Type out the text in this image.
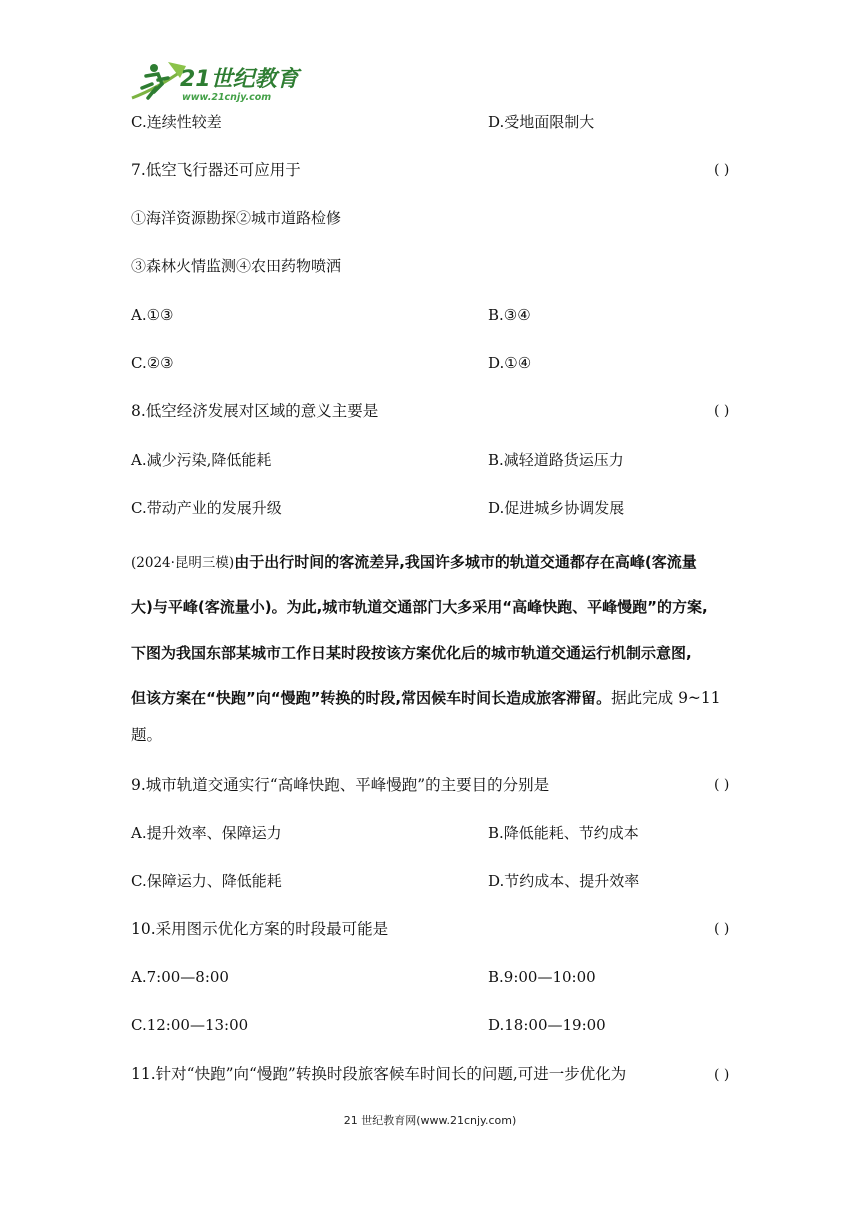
21世纪教育
www.21cnjy.com
C.连续性较差	D.受地面限制大
7.低空飞行器还可应用于	( )
①海洋资源勘探②城市道路检修
③森林火情监测④农田药物喷洒
A.①③	B.③④
C.②③	D.①④
8.低空经济发展对区域的意义主要是	( )
A.减少污染,降低能耗	B.减轻道路货运压力
C.带动产业的发展升级	D.促进城乡协调发展
(2024·昆明三模)由于出行时间的客流差异,我国许多城市的轨道交通都存在高峰(客流量
大)与平峰(客流量小)。为此,城市轨道交通部门大多采用“高峰快跑、平峰慢跑”的方案,
下图为我国东部某城市工作日某时段按该方案优化后的城市轨道交通运行机制示意图,
但该方案在“快跑”向“慢跑”转换的时段,常因候车时间长造成旅客滞留。据此完成 9~11
题。
9.城市轨道交通实行“高峰快跑、平峰慢跑”的主要目的分别是	( )
A.提升效率、保障运力	B.降低能耗、节约成本
C.保障运力、降低能耗	D.节约成本、提升效率
10.采用图示优化方案的时段最可能是	( )
A.7:00—8:00	B.9:00—10:00
C.12:00—13:00	D.18:00—19:00
11.针对“快跑”向“慢跑”转换时段旅客候车时间长的问题,可进一步优化为	( )
21 世纪教育网(www.21cnjy.com)
